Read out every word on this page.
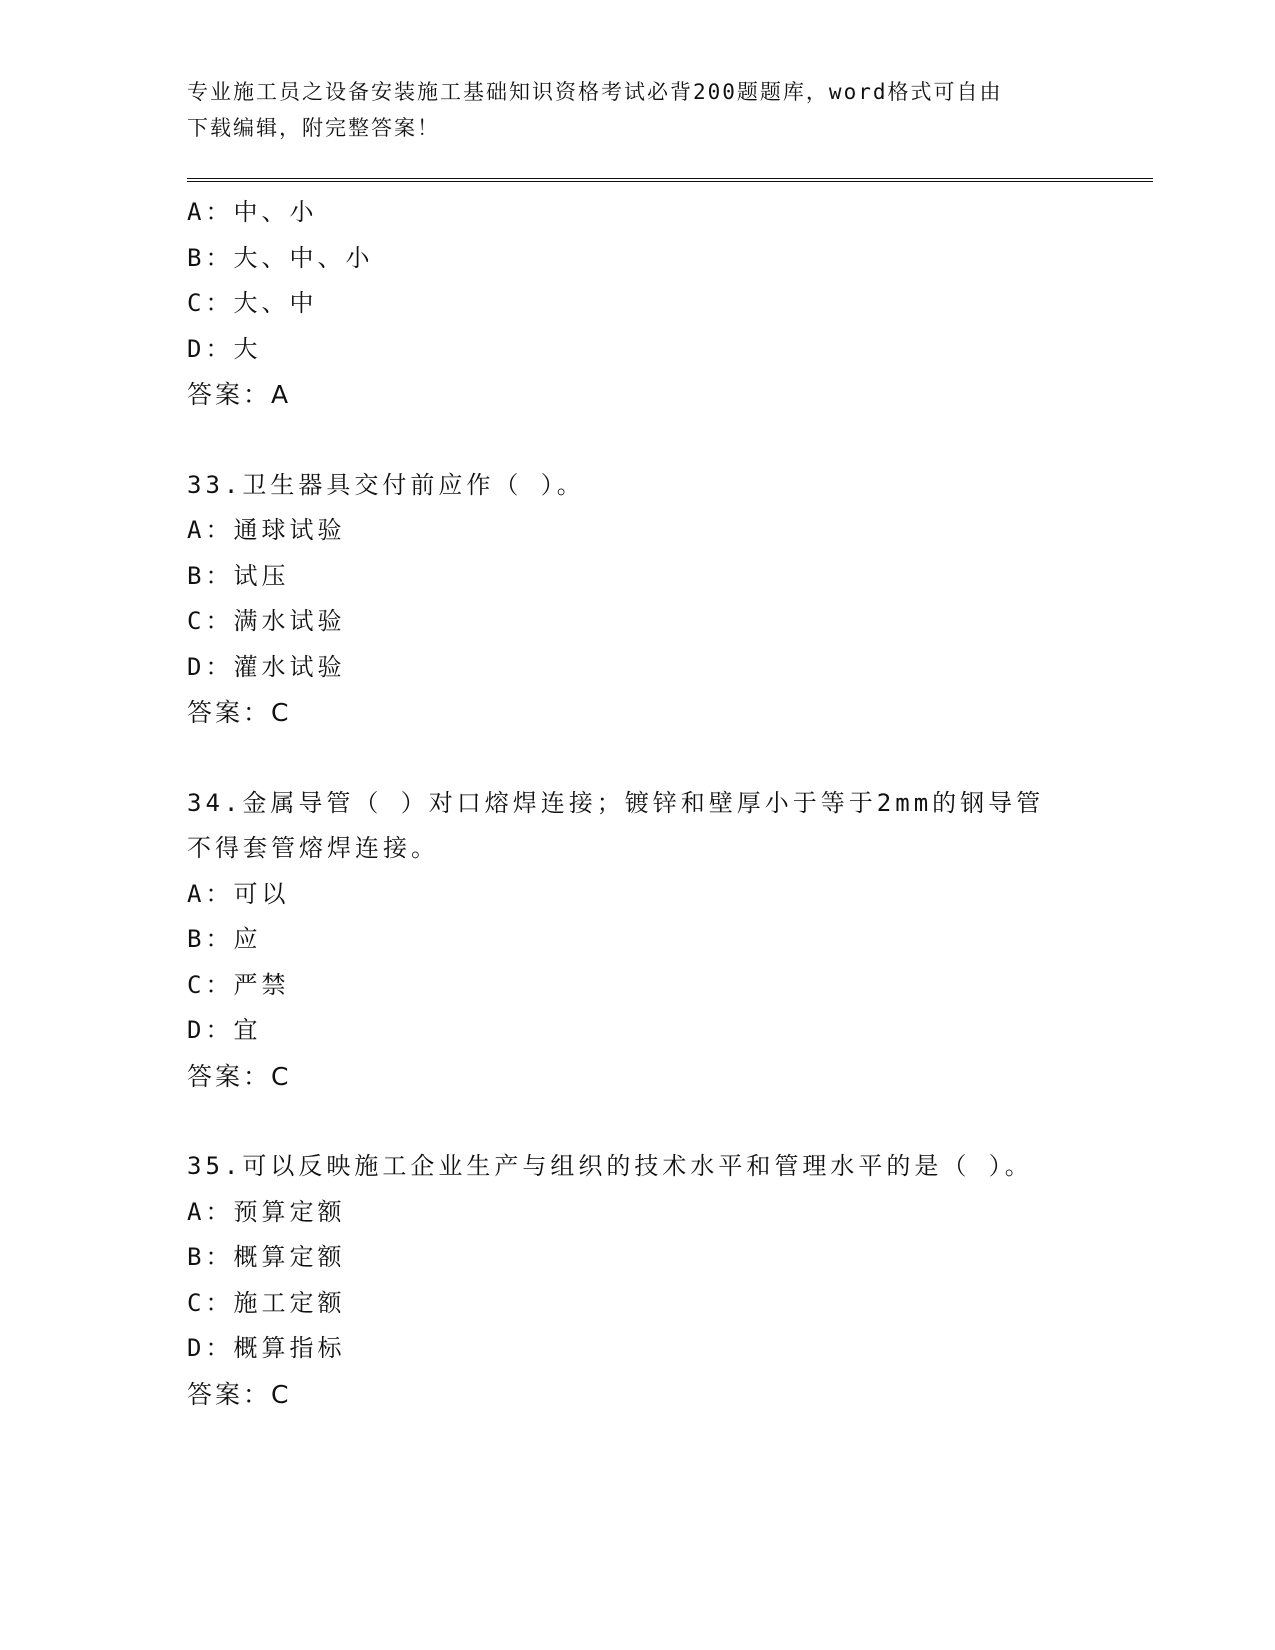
专业施工员之设备安装施工基础知识资格考试必背200题题库，word格式可自由
下载编辑，附完整答案！
A：中、小
B：大、中、小
C：大、中
D：大
答案：A
33.卫生器具交付前应作（ ）。
A：通球试验
B：试压
C：满水试验
D：灌水试验
答案：C
34.金属导管（ ）对口熔焊连接；镀锌和壁厚小于等于2mm的钢导管
不得套管熔焊连接。
A：可以
B：应
C：严禁
D：宜
答案：C
35.可以反映施工企业生产与组织的技术水平和管理水平的是（ ）。
A：预算定额
B：概算定额
C：施工定额
D：概算指标
答案：C
